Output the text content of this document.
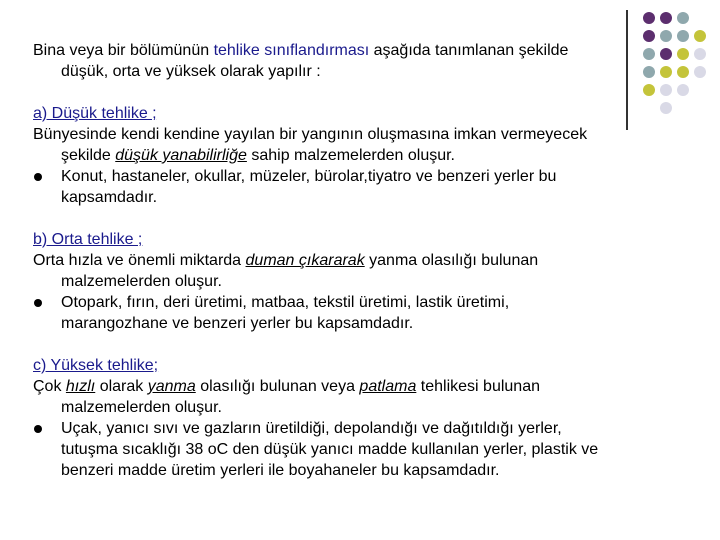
Bina veya bir bölümünün tehlike sınıflandırması aşağıda tanımlanan şekilde

düşük, orta ve yüksek olarak yapılır :

a) Düşük tehlike ;

Bünyesinde kendi kendine yayılan bir yangının oluşmasına imkan vermeyecek

şekilde düşük yanabilirliğe sahip malzemelerden oluşur.

Konut, hastaneler, okullar, müzeler, bürolar,tiyatro ve benzeri yerler bu

kapsamdadır.

b) Orta tehlike ;

Orta hızla ve önemli miktarda duman çıkararak yanma olasılığı bulunan

malzemelerden oluşur.

Otopark, fırın, deri üretimi, matbaa, tekstil üretimi, lastik üretimi,

marangozhane ve benzeri yerler bu kapsamdadır.

c) Yüksek tehlike;

Çok hızlı olarak yanma olasılığı bulunan veya patlama tehlikesi bulunan

malzemelerden oluşur.

Uçak, yanıcı sıvı ve gazların üretildiği, depolandığı ve dağıtıldığı yerler,

tutuşma sıcaklığı 38 oC den düşük yanıcı madde kullanılan yerler, plastik ve

benzeri madde üretim yerleri ile boyahaneler bu kapsamdadır.
